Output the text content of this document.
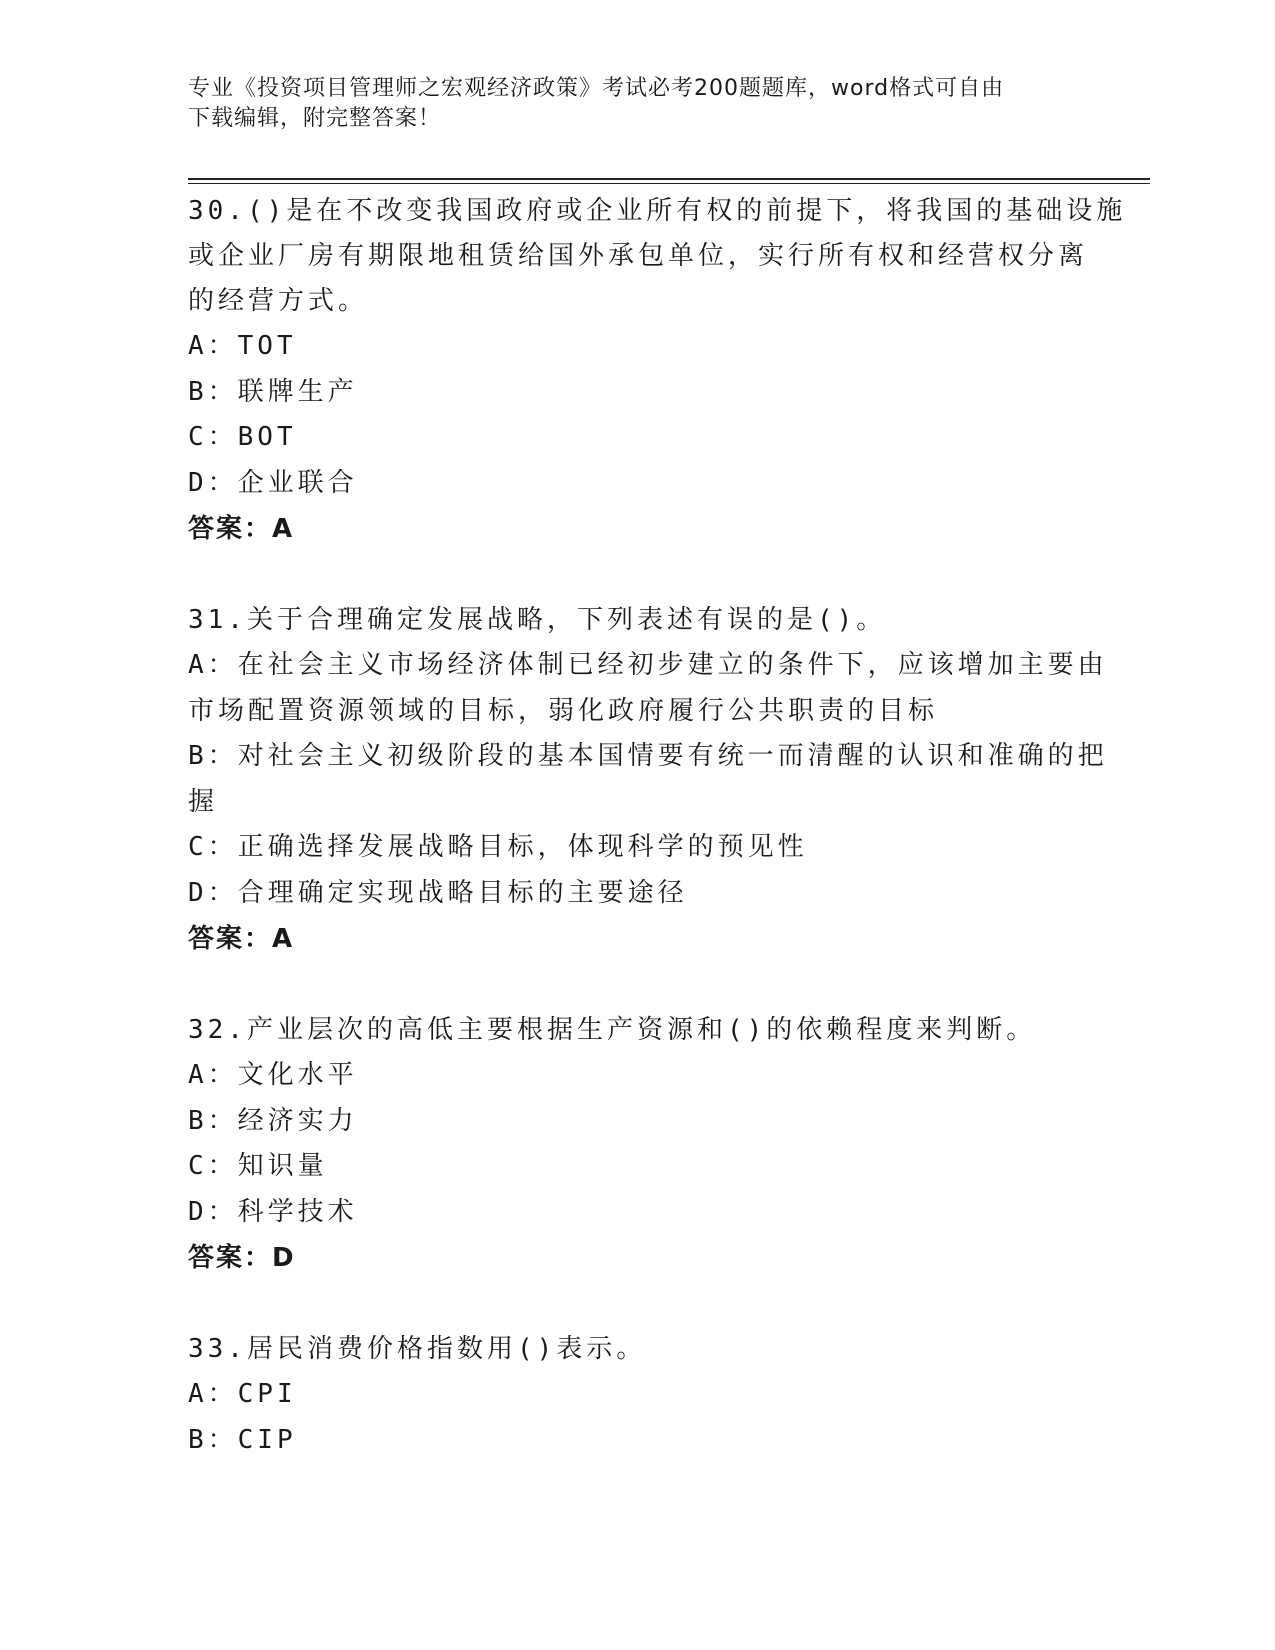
专业《投资项目管理师之宏观经济政策》考试必考200题题库，word格式可自由
下载编辑，附完整答案！
30.()是在不改变我国政府或企业所有权的前提下，将我国的基础设施
或企业厂房有期限地租赁给国外承包单位，实行所有权和经营权分离
的经营方式。
A：TOT
B：联牌生产
C：BOT
D：企业联合
答案：A
31.关于合理确定发展战略，下列表述有误的是()。
A：在社会主义市场经济体制已经初步建立的条件下，应该增加主要由
市场配置资源领域的目标，弱化政府履行公共职责的目标
B：对社会主义初级阶段的基本国情要有统一而清醒的认识和准确的把
握
C：正确选择发展战略目标，体现科学的预见性
D：合理确定实现战略目标的主要途径
答案：A
32.产业层次的高低主要根据生产资源和()的依赖程度来判断。
A：文化水平
B：经济实力
C：知识量
D：科学技术
答案：D
33.居民消费价格指数用()表示。
A：CPI
B：CIP
